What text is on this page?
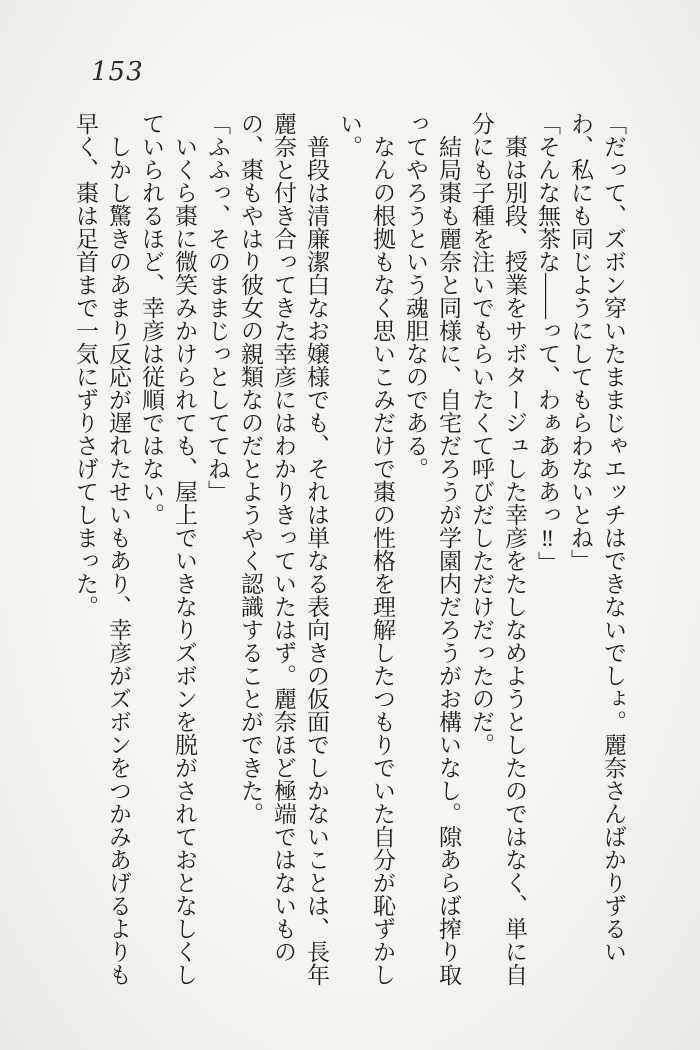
153

「だって、ズボン穿いたままじゃエッチはできないでしょ。麗奈さんばかりずるいわ、私にも同じようにしてもらわないとね」

「そんな無茶な――って、わぁあああっ‼」

棗は別段、授業をサボタージュした幸彦をたしなめようとしたのではなく、単に自分にも子種を注いでもらいたくて呼びだしただけだったのだ。

結局棗も麗奈と同様に、自宅だろうが学園内だろうがお構いなし。隙あらば搾り取ってやろうという魂胆なのである。

なんの根拠もなく思いこみだけで棗の性格を理解したつもりでいた自分が恥ずかしい。

普段は清廉潔白なお嬢様でも、それは単なる表向きの仮面でしかないことは、長年麗奈と付き合ってきた幸彦にはわかりきっていたはず。麗奈ほど極端ではないものの、棗もやはり彼女の親類なのだとようやく認識することができた。

「ふふっ、そのままじっとしててね」

いくら棗に微笑みかけられても、屋上でいきなりズボンを脱がされておとなしくしていられるほど、幸彦は従順ではない。

しかし驚きのあまり反応が遅れたせいもあり、幸彦がズボンをつかみあげるよりも早く、棗は足首まで一気にずりさげてしまった。
